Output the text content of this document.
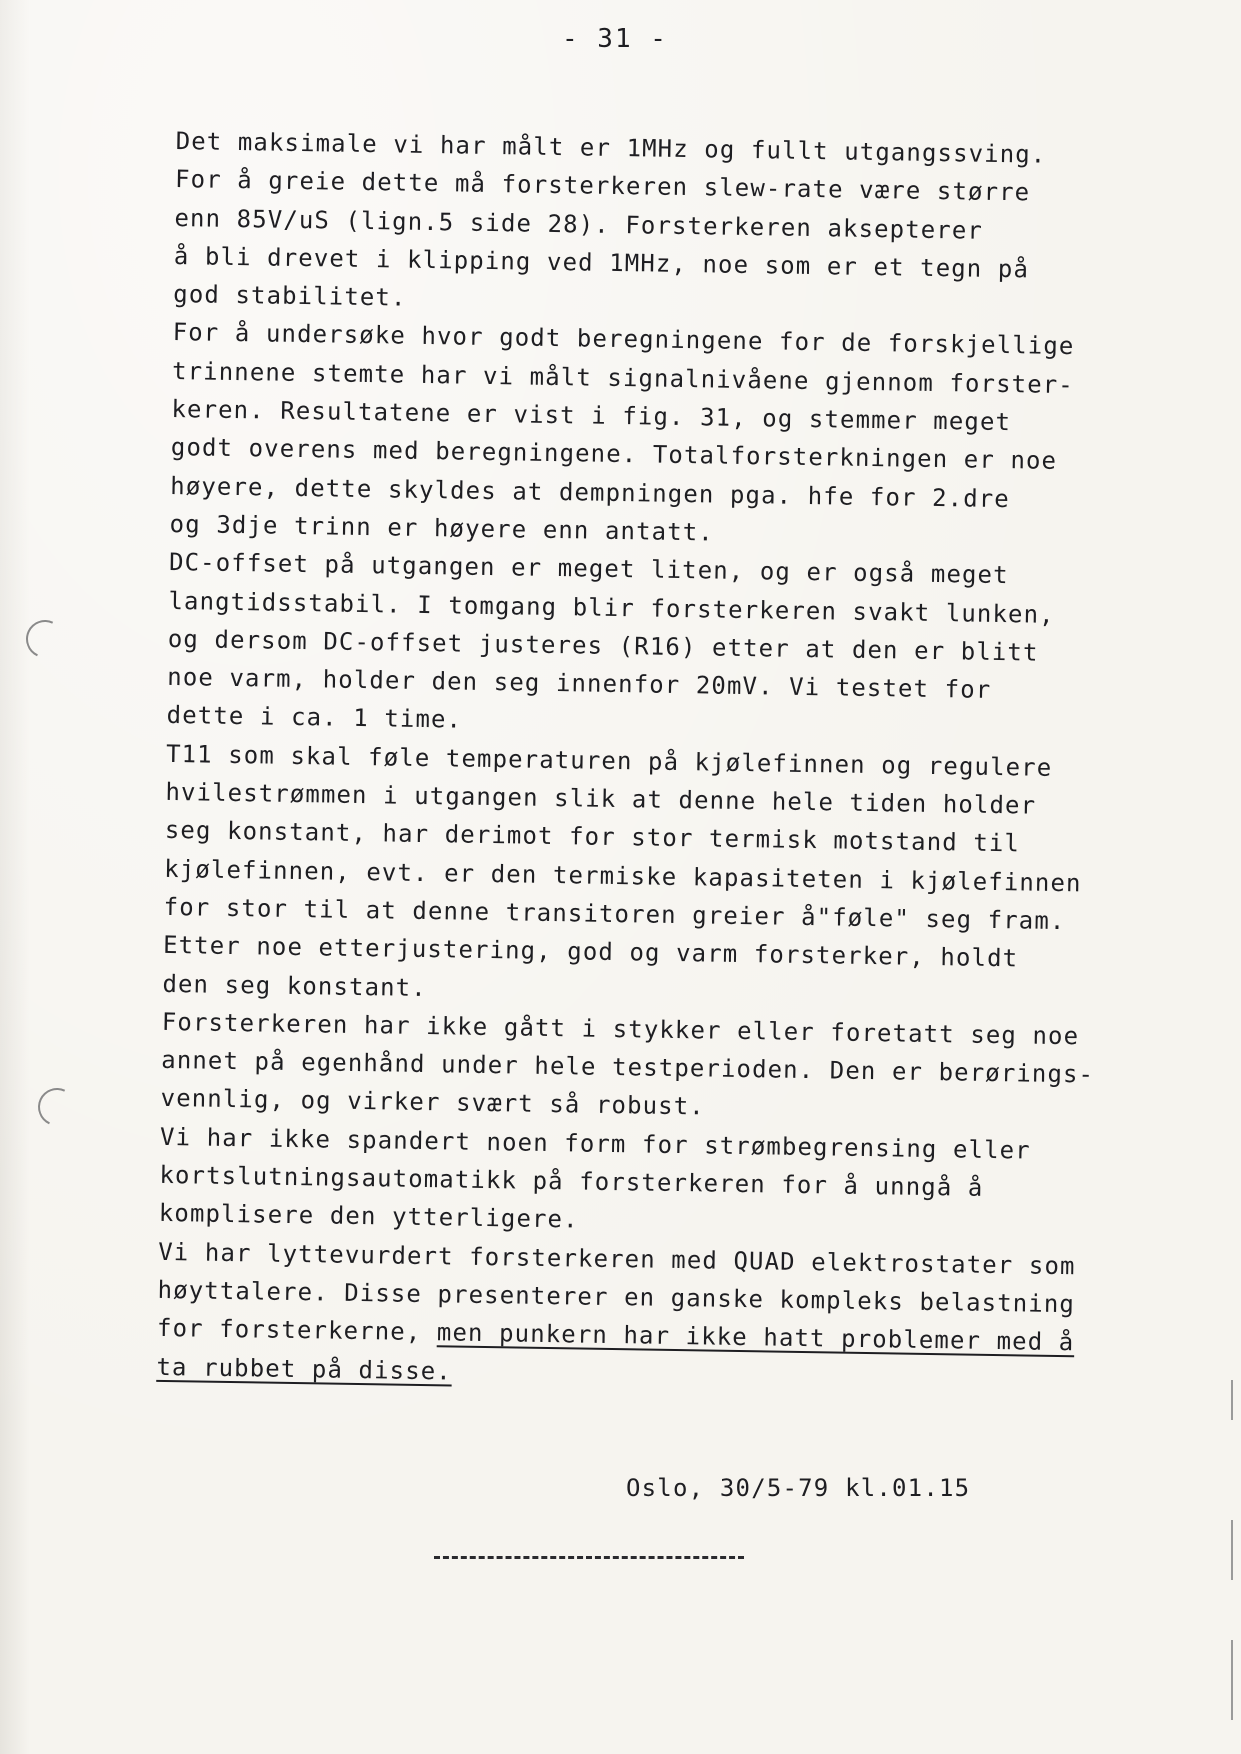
- 31 -
Det maksimale vi har målt er 1MHz og fullt utgangssving.
For å greie dette må forsterkeren slew-rate være større
enn 85V/uS (lign.5 side 28). Forsterkeren aksepterer
å bli drevet i klipping ved 1MHz, noe som er et tegn på
god stabilitet.
For å undersøke hvor godt beregningene for de forskjellige
trinnene stemte har vi målt signalnivåene gjennom forster-
keren. Resultatene er vist i fig. 31, og stemmer meget
godt overens med beregningene. Totalforsterkningen er noe
høyere, dette skyldes at dempningen pga. hfe for 2.dre
og 3dje trinn er høyere enn antatt.
DC-offset på utgangen er meget liten, og er også meget
langtidsstabil. I tomgang blir forsterkeren svakt lunken,
og dersom DC-offset justeres (R16) etter at den er blitt
noe varm, holder den seg innenfor 20mV. Vi testet for
dette i ca. 1 time.
T11 som skal føle temperaturen på kjølefinnen og regulere
hvilestrømmen i utgangen slik at denne hele tiden holder
seg konstant, har derimot for stor termisk motstand til
kjølefinnen, evt. er den termiske kapasiteten i kjølefinnen
for stor til at denne transitoren greier å"føle" seg fram.
Etter noe etterjustering, god og varm forsterker, holdt
den seg konstant.
Forsterkeren har ikke gått i stykker eller foretatt seg noe
annet på egenhånd under hele testperioden. Den er berørings-
vennlig, og virker svært så robust.
Vi har ikke spandert noen form for strømbegrensing eller
kortslutningsautomatikk på forsterkeren for å unngå å
komplisere den ytterligere.
Vi har lyttevurdert forsterkeren med QUAD elektrostater som
høyttalere. Disse presenterer en ganske kompleks belastning
for forsterkerne, men punkern har ikke hatt problemer med å
ta rubbet på disse.
Oslo, 30/5-79 kl.01.15
